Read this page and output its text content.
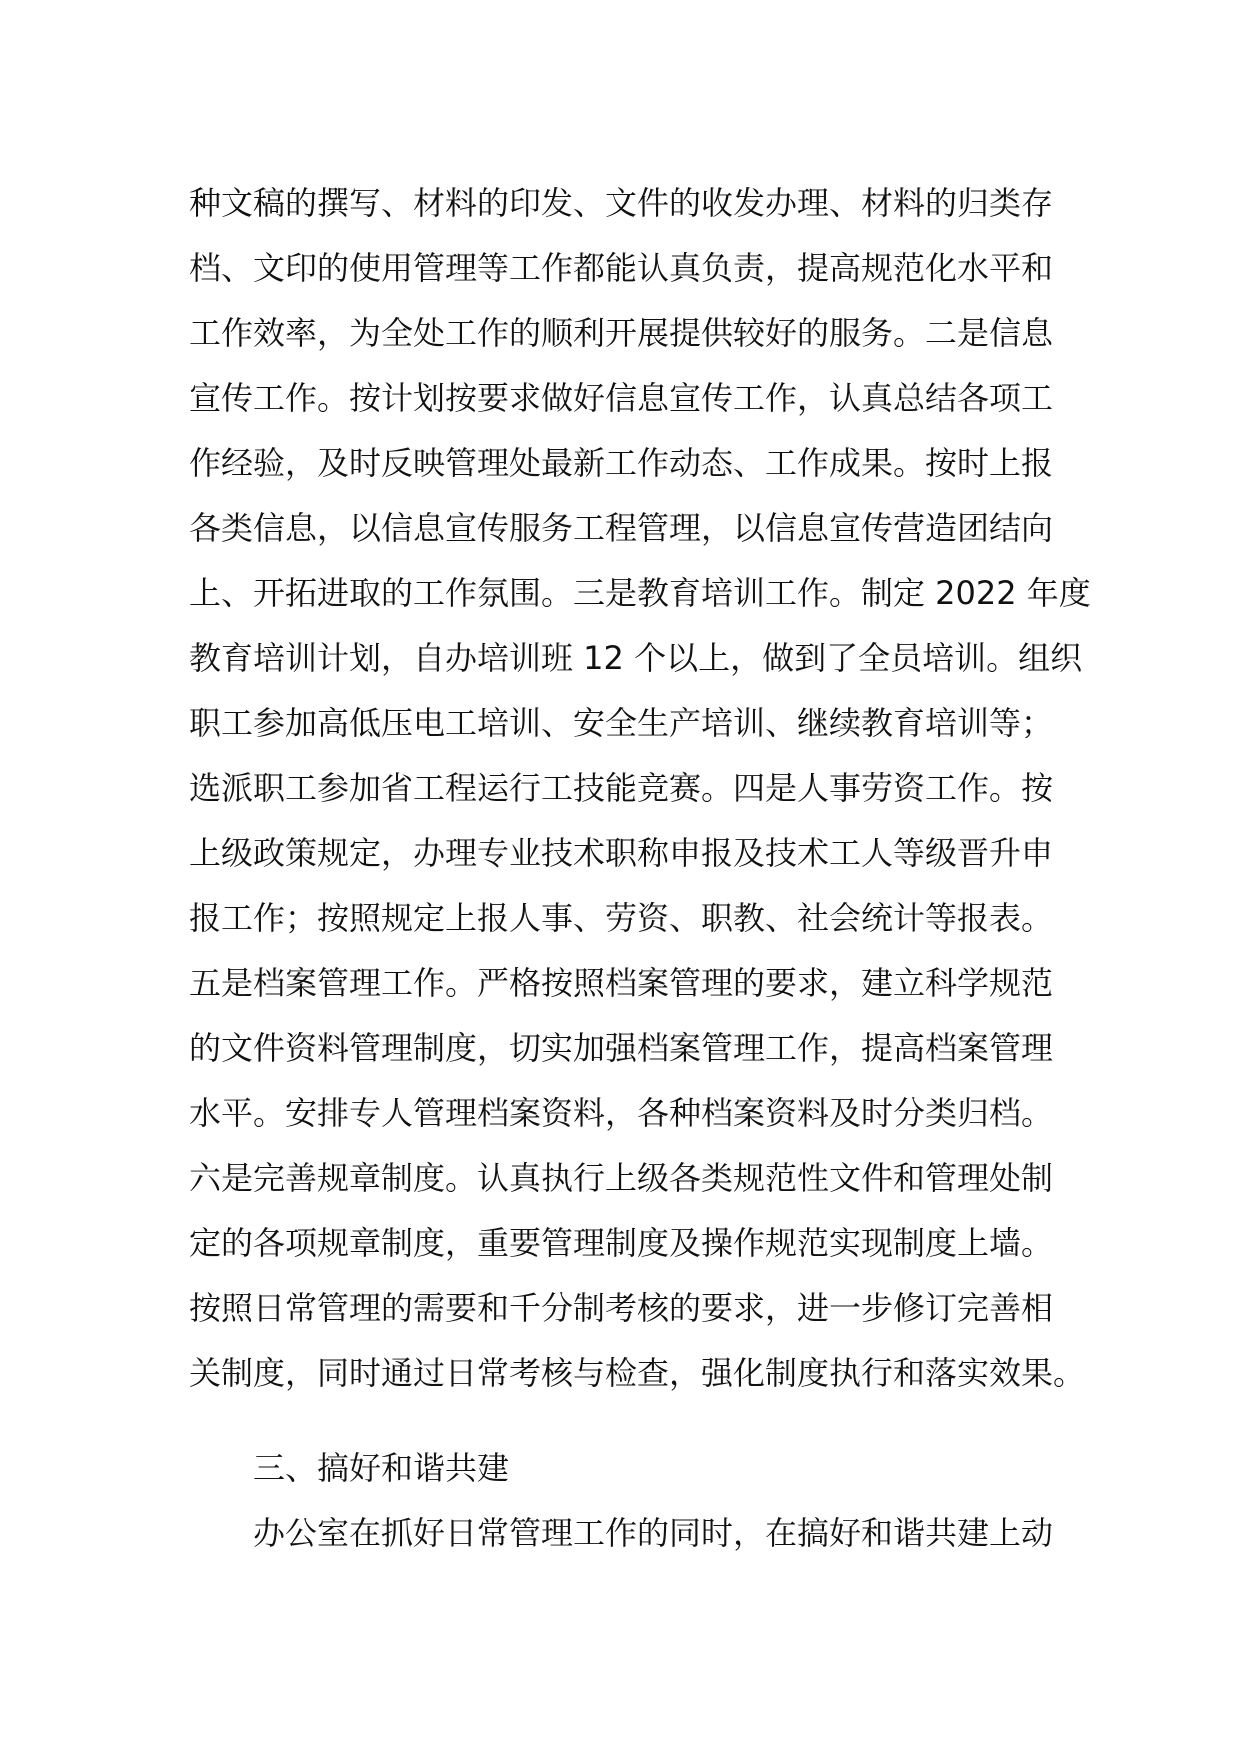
种文稿的撰写、材料的印发、文件的收发办理、材料的归类存
档、文印的使用管理等工作都能认真负责，提高规范化水平和
工作效率，为全处工作的顺利开展提供较好的服务。二是信息
宣传工作。按计划按要求做好信息宣传工作，认真总结各项工
作经验，及时反映管理处最新工作动态、工作成果。按时上报
各类信息，以信息宣传服务工程管理，以信息宣传营造团结向
上、开拓进取的工作氛围。三是教育培训工作。制定 2022 年度
教育培训计划，自办培训班 12 个以上，做到了全员培训。组织
职工参加高低压电工培训、安全生产培训、继续教育培训等；
选派职工参加省工程运行工技能竞赛。四是人事劳资工作。按
上级政策规定，办理专业技术职称申报及技术工人等级晋升申
报工作；按照规定上报人事、劳资、职教、社会统计等报表。
五是档案管理工作。严格按照档案管理的要求，建立科学规范
的文件资料管理制度，切实加强档案管理工作，提高档案管理
水平。安排专人管理档案资料，各种档案资料及时分类归档。
六是完善规章制度。认真执行上级各类规范性文件和管理处制
定的各项规章制度，重要管理制度及操作规范实现制度上墙。
按照日常管理的需要和千分制考核的要求，进一步修订完善相
关制度，同时通过日常考核与检查，强化制度执行和落实效果。
三、搞好和谐共建
办公室在抓好日常管理工作的同时，在搞好和谐共建上动
